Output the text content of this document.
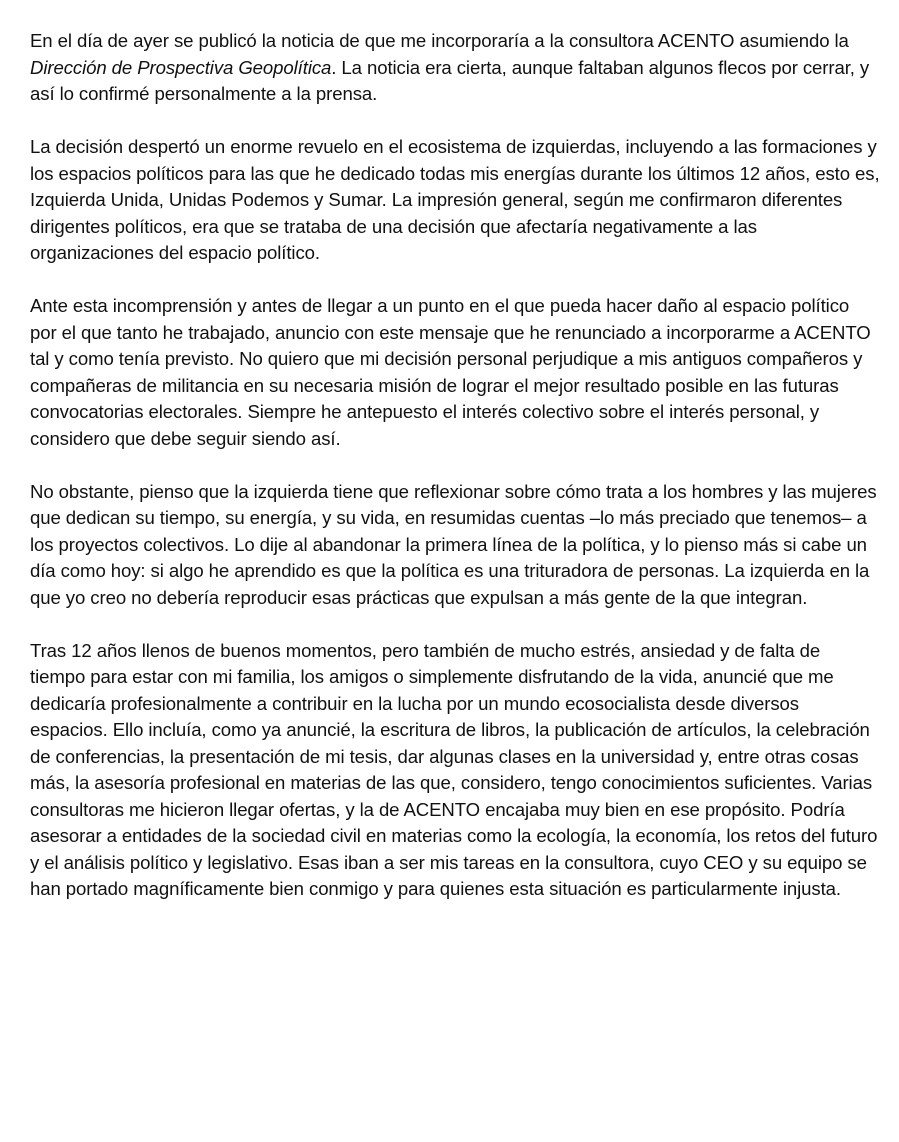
En el día de ayer se publicó la noticia de que me incorporaría a la consultora ACENTO asumiendo la Dirección de Prospectiva Geopolítica. La noticia era cierta, aunque faltaban algunos flecos por cerrar, y así lo confirmé personalmente a la prensa.

La decisión despertó un enorme revuelo en el ecosistema de izquierdas, incluyendo a las formaciones y los espacios políticos para las que he dedicado todas mis energías durante los últimos 12 años, esto es, Izquierda Unida, Unidas Podemos y Sumar. La impresión general, según me confirmaron diferentes dirigentes políticos, era que se trataba de una decisión que afectaría negativamente a las organizaciones del espacio político.

Ante esta incomprensión y antes de llegar a un punto en el que pueda hacer daño al espacio político por el que tanto he trabajado, anuncio con este mensaje que he renunciado a incorporarme a ACENTO tal y como tenía previsto. No quiero que mi decisión personal perjudique a mis antiguos compañeros y compañeras de militancia en su necesaria misión de lograr el mejor resultado posible en las futuras convocatorias electorales. Siempre he antepuesto el interés colectivo sobre el interés personal, y considero que debe seguir siendo así.

No obstante, pienso que la izquierda tiene que reflexionar sobre cómo trata a los hombres y las mujeres que dedican su tiempo, su energía, y su vida, en resumidas cuentas –lo más preciado que tenemos– a los proyectos colectivos. Lo dije al abandonar la primera línea de la política, y lo pienso más si cabe un día como hoy: si algo he aprendido es que la política es una trituradora de personas. La izquierda en la que yo creo no debería reproducir esas prácticas que expulsan a más gente de la que integran.

Tras 12 años llenos de buenos momentos, pero también de mucho estrés, ansiedad y de falta de tiempo para estar con mi familia, los amigos o simplemente disfrutando de la vida, anuncié que me dedicaría profesionalmente a contribuir en la lucha por un mundo ecosocialista desde diversos espacios. Ello incluía, como ya anuncié, la escritura de libros, la publicación de artículos, la celebración de conferencias, la presentación de mi tesis, dar algunas clases en la universidad y, entre otras cosas más, la asesoría profesional en materias de las que, considero, tengo conocimientos suficientes. Varias consultoras me hicieron llegar ofertas, y la de ACENTO encajaba muy bien en ese propósito. Podría asesorar a entidades de la sociedad civil en materias como la ecología, la economía, los retos del futuro y el análisis político y legislativo. Esas iban a ser mis tareas en la consultora, cuyo CEO y su equipo se han portado magníficamente bien conmigo y para quienes esta situación es particularmente injusta.
